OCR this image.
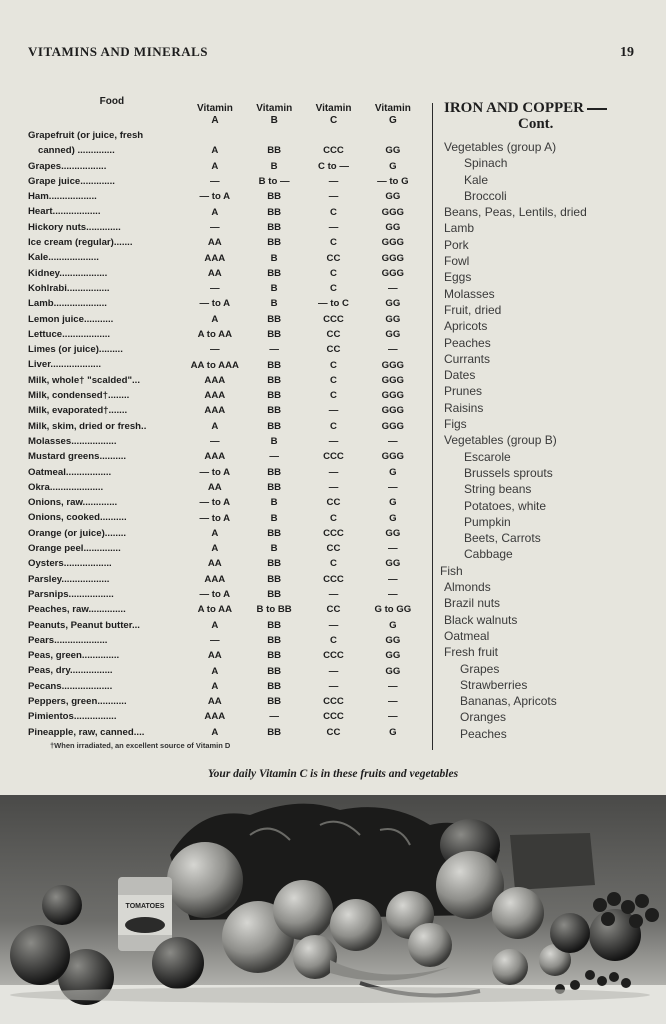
VITAMINS AND MINERALS	19
Food
Vitamin
A
Vitamin
B
Vitamin
C
Vitamin
G
Grapefruit (or juice, fresh
canned) ..............	A	BB	CCC	GG
Grapes.................	A	B	C to —	G
Grape juice.............	—	B to —	—	— to G
Ham..................	— to A	BB	—	GG
Heart..................	A	BB	C	GGG
Hickory nuts.............	—	BB	—	GG
Ice cream (regular).......	AA	BB	C	GGG
Kale...................	AAA	B	CC	GGG
Kidney..................	AA	BB	C	GGG
Kohlrabi................	—	B	C	—
Lamb....................	— to A	B	— to C	GG
Lemon juice...........	A	BB	CCC	GG
Lettuce..................	A to AA	BB	CC	GG
Limes (or juice).........	—	—	CC	—
Liver...................	AA to AAA	BB	C	GGG
Milk, whole† "scalded"...	AAA	BB	C	GGG
Milk, condensed†........	AAA	BB	C	GGG
Milk, evaporated†.......	AAA	BB	—	GGG
Milk, skim, dried or fresh..	A	BB	C	GGG
Molasses.................	—	B	—	—
Mustard greens..........	AAA	—	CCC	GGG
Oatmeal.................	— to A	BB	—	G
Okra....................	AA	BB	—	—
Onions, raw.............	— to A	B	CC	G
Onions, cooked..........	— to A	B	C	G
Orange (or juice)........	A	BB	CCC	GG
Orange peel..............	A	B	CC	—
Oysters..................	AA	BB	C	GG
Parsley..................	AAA	BB	CCC	—
Parsnips.................	— to A	BB	—	—
Peaches, raw..............	A to AA	B to BB	CC	G to GG
Peanuts, Peanut butter...	A	BB	—	G
Pears....................	—	BB	C	GG
Peas, green..............	AA	BB	CCC	GG
Peas, dry................	A	BB	—	GG
Pecans...................	A	BB	—	—
Peppers, green...........	AA	BB	CCC	—
Pimientos................	AAA	—	CCC	—
Pineapple, raw, canned....	A	BB	CC	G
†When irradiated, an excellent source of Vitamin D
IRON AND COPPER
Cont.
Vegetables (group A)
Spinach
Kale
Broccoli
Beans, Peas, Lentils, dried
Lamb
Pork
Fowl
Eggs
Molasses
Fruit, dried
Apricots
Peaches
Currants
Dates
Prunes
Raisins
Figs
Vegetables (group B)
Escarole
Brussels sprouts
String beans
Potatoes, white
Pumpkin
Beets, Carrots
Cabbage
Fish
Almonds
Brazil nuts
Black walnuts
Oatmeal
Fresh fruit
Grapes
Strawberries
Bananas, Apricots
Oranges
Peaches
Your daily Vitamin C is in these fruits and vegetables
TOMATOES
